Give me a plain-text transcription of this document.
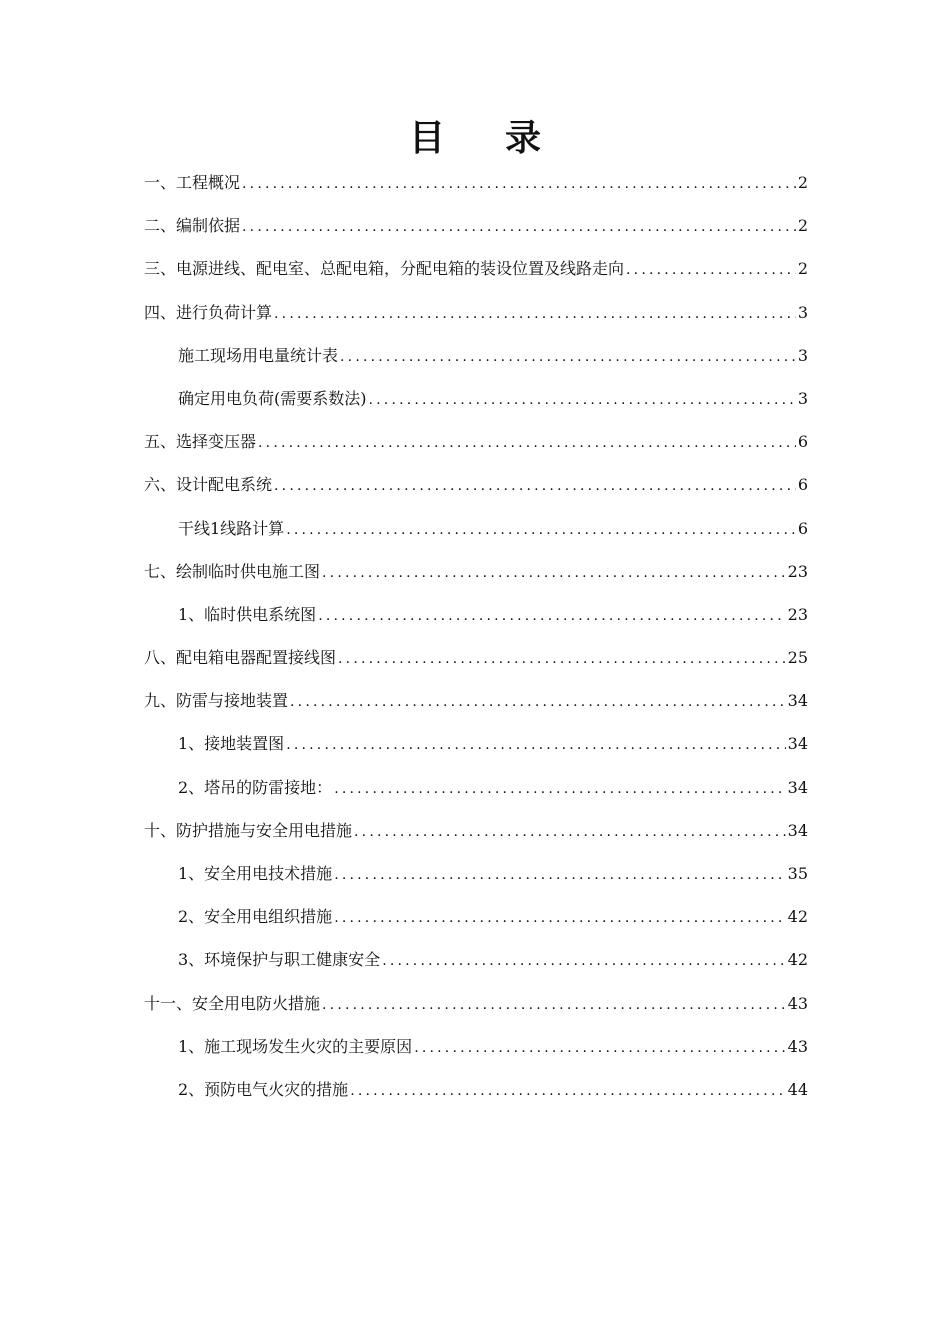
目 录
一、工程概况 .....	2
二、编制依据 .....	2
三、电源进线、配电室、总配电箱，分配电箱的装设位置及线路走向 .....	2
四、进行负荷计算 .....	3
施工现场用电量统计表 .....	3
确定用电负荷(需要系数法) .....	3
五、选择变压器 .....	6
六、设计配电系统 .....	6
干线1线路计算 .....	6
七、绘制临时供电施工图 .....	23
1、临时供电系统图 .....	23
八、配电箱电器配置接线图 .....	25
九、防雷与接地装置 .....	34
1、接地装置图 .....	34
2、塔吊的防雷接地： .....	34
十、防护措施与安全用电措施 .....	34
1、安全用电技术措施 .....	35
2、安全用电组织措施 .....	42
3、环境保护与职工健康安全 .....	42
十一、安全用电防火措施 .....	43
1、施工现场发生火灾的主要原因 .....	43
2、预防电气火灾的措施 .....	44
